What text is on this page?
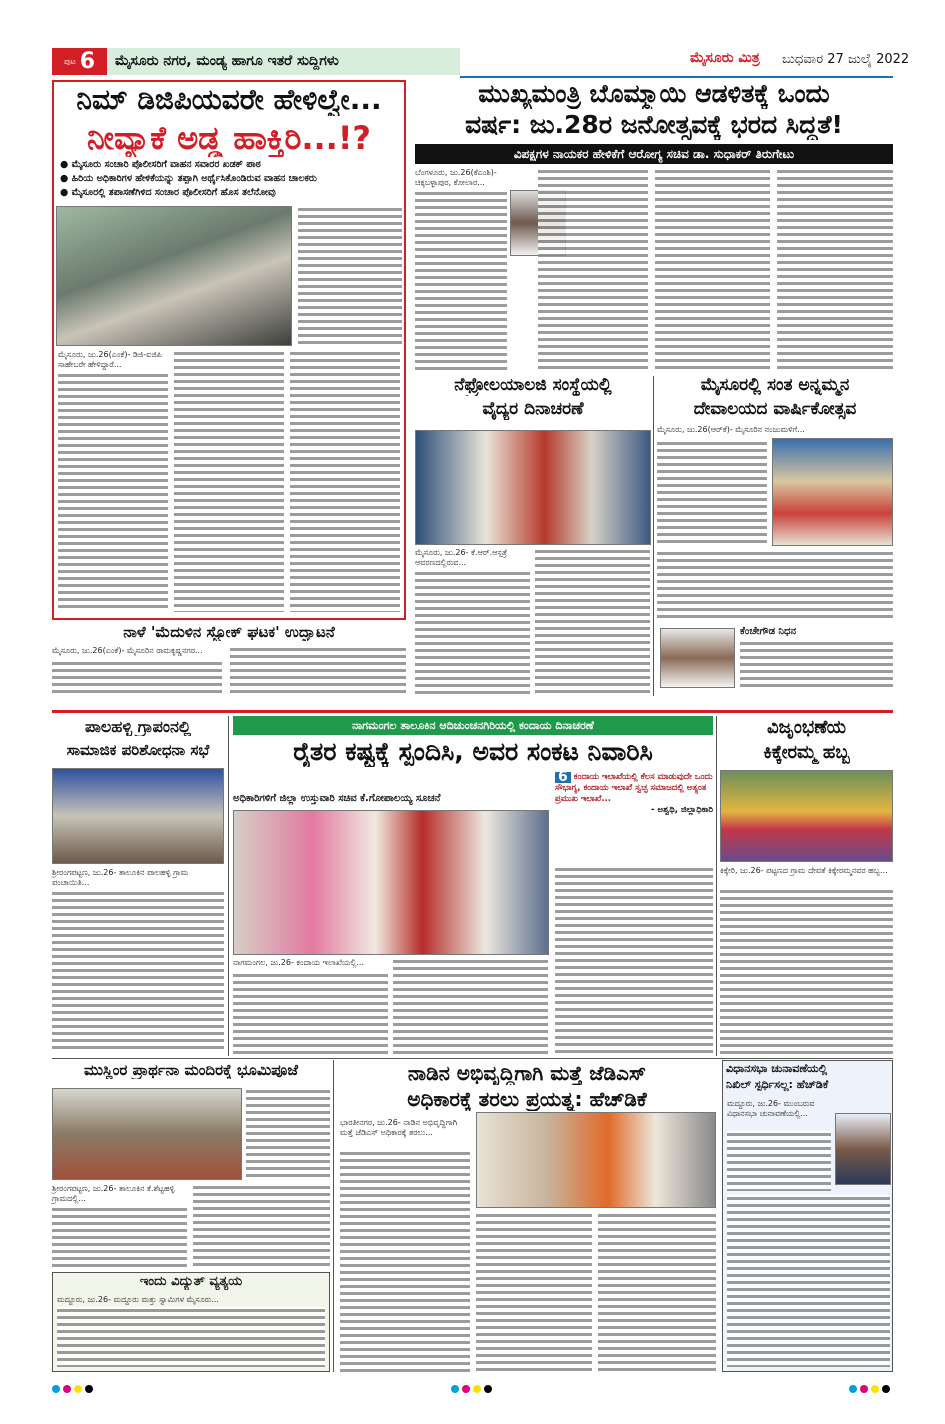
ಪುಟ 6	ಮೈಸೂರು ನಗರ, ಮಂಡ್ಯ ಹಾಗೂ ಇತರೆ ಸುದ್ದಿಗಳು	ಮೈಸೂರು ಮಿತ್ರ ಬುಧವಾರ 27 ಜುಲೈ 2022
ನಿಮ್ ಡಿಜಿಪಿಯವರೇ ಹೇಳಿಲ್ವೇ...
ನೀವ್ಯಾಕೆ ಅಡ್ಡ ಹಾಕ್ತಿರಿ...!?
● ಮೈಸೂರು ಸಂಚಾರಿ ಪೊಲೀಸರಿಗೆ ವಾಹನ ಸವಾರರ ಖಡಕ್ ಪಾಠ
● ಹಿರಿಯ ಅಧಿಕಾರಿಗಳ ಹೇಳಿಕೆಯನ್ನು ತಪ್ಪಾಗಿ ಅರ್ಥೈಸಿಕೊಂಡಿರುವ ವಾಹನ ಚಾಲಕರು
● ಮೈಸೂರಲ್ಲಿ ತಪಾಸಣೆಗಿಳಿದ ಸಂಚಾರ ಪೊಲೀಸರಿಗೆ ಹೊಸ ತಲೆನೋವು
ಮೈಸೂರು, ಜು.26(ಎಂಕೆ)- ಡಿಜಿ-ಐಜಿಪಿ ಸಾಹೇಬರೇ ಹೇಳಿದ್ದಾರೆ...
ಮುಖ್ಯಮಂತ್ರಿ ಬೊಮ್ಮಾಯಿ ಆಡಳಿತಕ್ಕೆ ಒಂದು
ವರ್ಷ: ಜು.28ರ ಜನೋತ್ಸವಕ್ಕೆ ಭರದ ಸಿದ್ಧತೆ!
ವಿಪಕ್ಷಗಳ ನಾಯಕರ ಹೇಳಿಕೆಗೆ ಆರೋಗ್ಯ ಸಚಿವ ಡಾ. ಸುಧಾಕರ್ ತಿರುಗೇಟು
ಬೆಂಗಳೂರು, ಜು.26(ಕೆಎಂಶಿ)- ಚಿಕ್ಕಬಳ್ಳಾಪುರ, ಕೋಲಾರ...
ನೆಫ್ರೋಲಯಾಲಜಿ ಸಂಸ್ಥೆಯಲ್ಲಿ
ವೈದ್ಯರ ದಿನಾಚರಣೆ
ಮೈಸೂರು, ಜು.26- ಕೆ.ಆರ್.ಆಸ್ಪತ್ರೆ ಆವರಣದಲ್ಲಿರುವ...
ಮೈಸೂರಲ್ಲಿ ಸಂತ ಅನ್ನಮ್ಮನ
ದೇವಾಲಯದ ವಾರ್ಷಿಕೋತ್ಸವ
ಮೈಸೂರು, ಜು.26(ಆರ್‌ಕೆ)- ಮೈಸೂರಿನ ನಂಜುಮಳಿಗೆ...
ಕೆಂಚೇಗೌಡ ನಿಧನ
ನಾಳೆ 'ಮೆದುಳಿನ ಸ್ಟ್ರೋಕ್ ಘಟಕ' ಉದ್ಘಾಟನೆ
ಮೈಸೂರು, ಜು.26(ಎಂಕೆ)- ಮೈಸೂರಿನ ರಾಮಕೃಷ್ಣನಗರ...
ಪಾಲಹಳ್ಳಿ ಗ್ರಾಪಂನಲ್ಲಿ
ಸಾಮಾಜಿಕ ಪರಿಶೋಧನಾ ಸಭೆ
ಶ್ರೀರಂಗಪಟ್ಟಣ, ಜು.26- ತಾಲೂಕಿನ ಪಾಲಹಳ್ಳಿ ಗ್ರಾಮ ಪಂಚಾಯಿತಿ...
ನಾಗಮಂಗಲ ತಾಲೂಕಿನ ಆದಿಚುಂಚನಗಿರಿಯಲ್ಲಿ ಕಂದಾಯ ದಿನಾಚರಣೆ
ರೈತರ ಕಷ್ಟಕ್ಕೆ ಸ್ಪಂದಿಸಿ, ಅವರ ಸಂಕಟ ನಿವಾರಿಸಿ
ಅಧಿಕಾರಿಗಳಿಗೆ ಜಿಲ್ಲಾ ಉಸ್ತುವಾರಿ ಸಚಿವ ಕೆ.ಗೋಪಾಲಯ್ಯ ಸೂಚನೆ
6 ಕಂದಾಯ ಇಲಾಖೆಯಲ್ಲಿ ಕೆಲಸ ಮಾಡುವುದೇ ಒಂದು ಸೌಭಾಗ್ಯ, ಕಂದಾಯ ಇಲಾಖೆ ಸ್ವಚ್ಛ ಸಮಾಜದಲ್ಲಿ ಅತ್ಯಂತ ಪ್ರಮುಖ ಇಲಾಖೆ...
- ಅಶ್ವಥಿ, ಜಿಲ್ಲಾಧಿಕಾರಿ
ನಾಗಮಂಗಲ, ಜು.26- ಕಂದಾಯ ಇಲಾಖೆಯಲ್ಲಿ...
ವಿಜೃಂಭಣೆಯ
ಕಿಕ್ಕೇರಮ್ಮ ಹಬ್ಬ
ಕಿಕ್ಕೇರಿ, ಜು.26- ಪಟ್ಟಣದ ಗ್ರಾಮ ದೇವತೆ ಕಿಕ್ಕೇರಮ್ಮನವರ ಹಬ್ಬ...
ಮುಸ್ಲಿಂರ ಪ್ರಾರ್ಥನಾ ಮಂದಿರಕ್ಕೆ ಭೂಮಿಪೂಜೆ
ಶ್ರೀರಂಗಪಟ್ಟಣ, ಜು.26- ತಾಲೂಕಿನ ಕೆ.ಶೆಟ್ಟಹಳ್ಳಿ ಗ್ರಾಮದಲ್ಲಿ...
ಇಂದು ವಿದ್ಯುತ್ ವ್ಯತ್ಯಯ
ಮದ್ದೂರು, ಜು.26- ಮದ್ದೂರು ಮತ್ತು ಸ್ವಾಮಿಗಳ ಮೈಸೂರು...
ನಾಡಿನ ಅಭಿವೃದ್ಧಿಗಾಗಿ ಮತ್ತೆ ಜೆಡಿಎಸ್
ಅಧಿಕಾರಕ್ಕೆ ತರಲು ಪ್ರಯತ್ನ: ಹೆಚ್‌ಡಿಕೆ
ಭಾರತೀನಗರ, ಜು.26- ನಾಡಿನ ಅಭಿವೃದ್ಧಿಗಾಗಿ ಮತ್ತೆ ಜೆಡಿಎಸ್ ಅಧಿಕಾರಕ್ಕೆ ತರಲು...
ವಿಧಾನಸಭಾ ಚುನಾವಣೆಯಲ್ಲಿ
ನಿಖಿಲ್ ಸ್ಪರ್ಧಿಸಲ್ಲ: ಹೆಚ್‌ಡಿಕೆ
ಮದ್ದೂರು, ಜು.26- ಮುಂಬರುವ ವಿಧಾನಸಭಾ ಚುನಾವಣೆಯಲ್ಲಿ...
